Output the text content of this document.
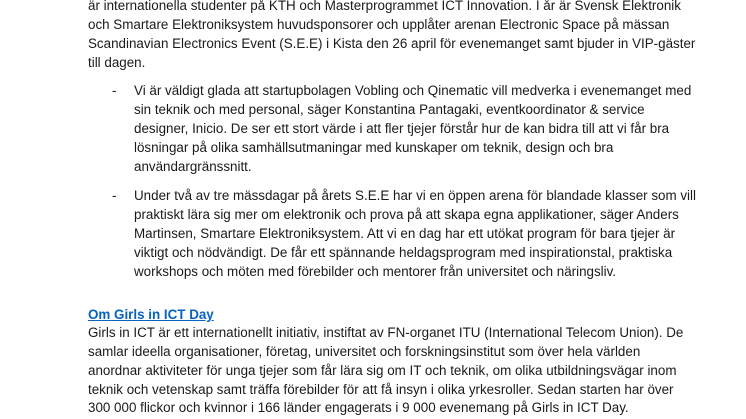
är internationella studenter på KTH och Masterprogrammet ICT Innovation. I år är Svensk Elektronik

och Smartare Elektroniksystem huvudsponsorer och upplåter arenan Electronic Space på mässan

Scandinavian Electronics Event (S.E.E) i Kista den 26 april för evenemanget samt bjuder in VIP-gäster

till dagen.

- Vi är väldigt glada att startupbolagen Vobling och Qinematic vill medverka i evenemanget med

sin teknik och med personal, säger Konstantina Pantagaki, eventkoordinator & service

designer, Inicio. De ser ett stort värde i att fler tjejer förstår hur de kan bidra till att vi får bra

lösningar på olika samhällsutmaningar med kunskaper om teknik, design och bra

användargränssnitt.

- Under två av tre mässdagar på årets S.E.E har vi en öppen arena för blandade klasser som vill

praktiskt lära sig mer om elektronik och prova på att skapa egna applikationer, säger Anders

Martinsen, Smartare Elektroniksystem. Att vi en dag har ett utökat program för bara tjejer är

viktigt och nödvändigt. De får ett spännande heldagsprogram med inspirationstal, praktiska

workshops och möten med förebilder och mentorer från universitet och näringsliv.

Om Girls in ICT Day

Girls in ICT är ett internationellt initiativ, instiftat av FN-organet ITU (International Telecom Union). De

samlar ideella organisationer, företag, universitet och forskningsinstitut som över hela världen

anordnar aktiviteter för unga tjejer som får lära sig om IT och teknik, om olika utbildningsvägar inom

teknik och vetenskap samt träffa förebilder för att få insyn i olika yrkesroller. Sedan starten har över

300 000 flickor och kvinnor i 166 länder engagerats i 9 000 evenemang på Girls in ICT Day.
